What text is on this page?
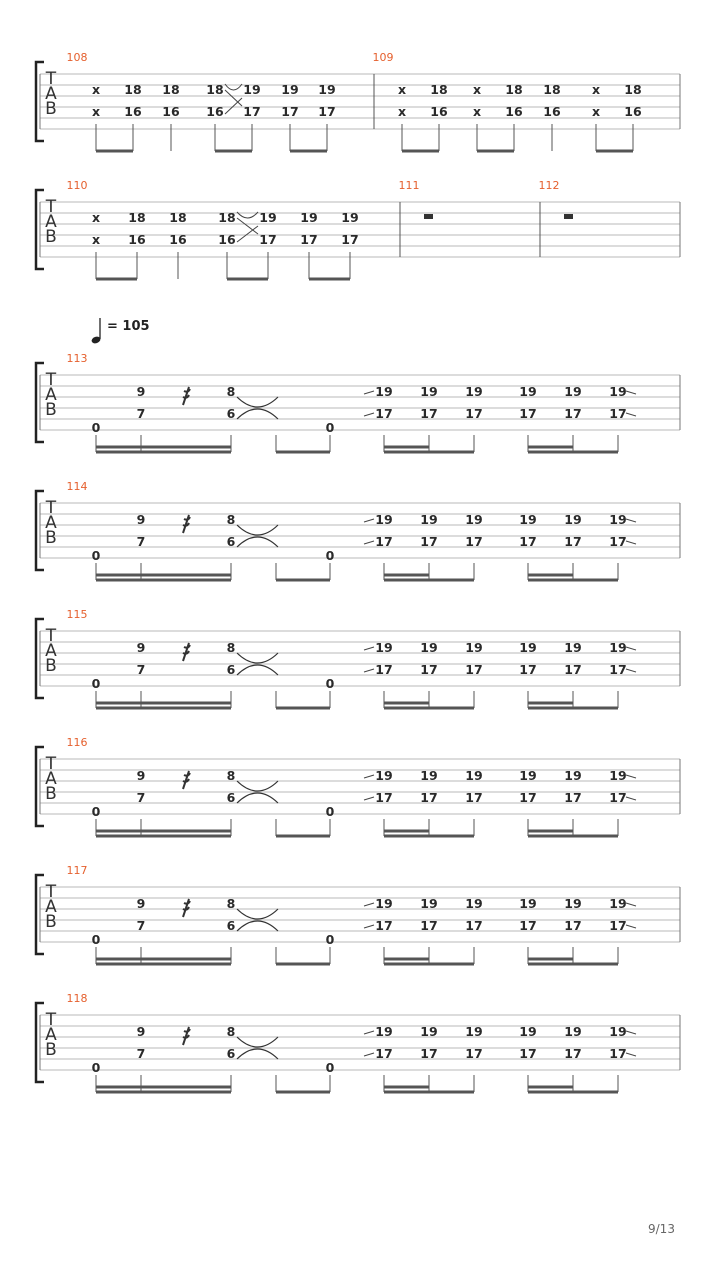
T
A
B
108
x
x
18
16
18
16
18
16
19
17
19
17
19
17
109
x
x
18
16
x
x
18
16
18
16
x
x
18
16
T
A
B
110
x
x
18
16
18
16
18
16
19
17
19
17
19
17
111	112
T
A
B
113
0
9
7
8
6
0
19
17
19
17
19
17
19
17
19
17
19
17
T
A
B
114
0
9
7
8
6
0
19
17
19
17
19
17
19
17
19
17
19
17
T
A
B
115
0
9
7
8
6
0
19
17
19
17
19
17
19
17
19
17
19
17
T
A
B
116
0
9
7
8
6
0
19
17
19
17
19
17
19
17
19
17
19
17
T
A
B
117
0
9
7
8
6
0
19
17
19
17
19
17
19
17
19
17
19
17
T
A
B
118
0
9
7
8
6
0
19
17
19
17
19
17
19
17
19
17
19
17
= 105
9/13
